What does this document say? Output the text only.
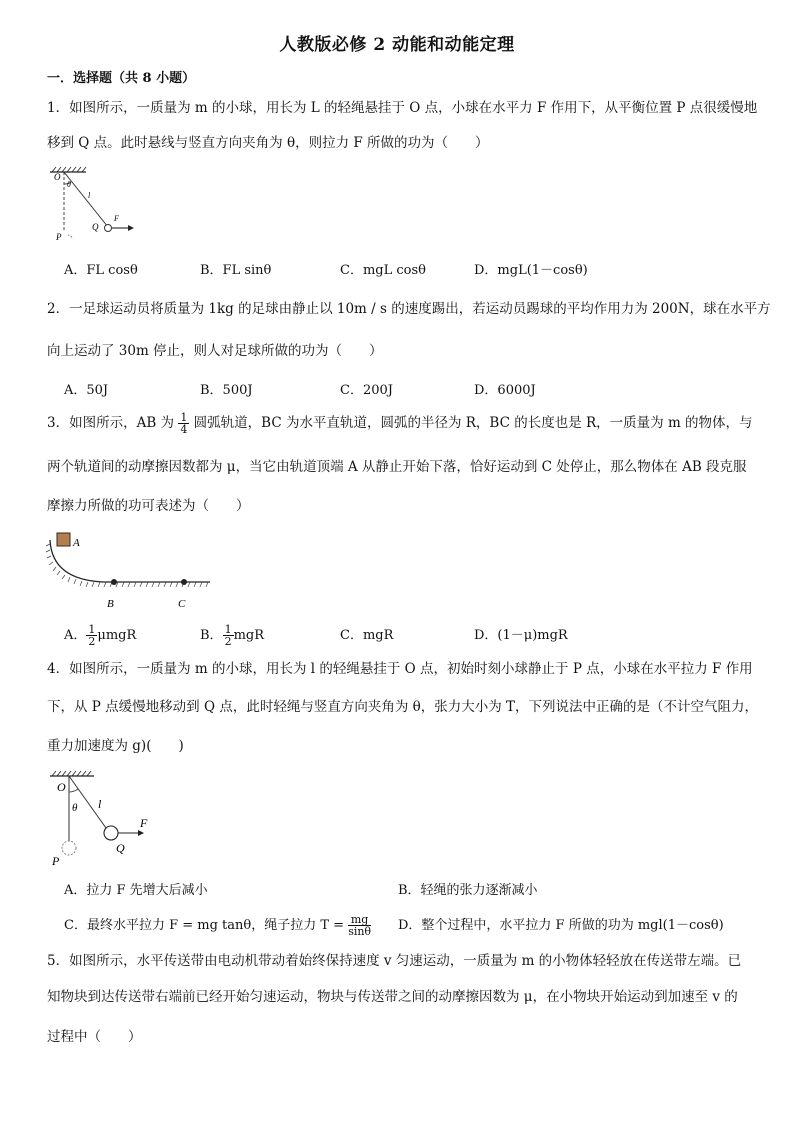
人教版必修 2 动能和动能定理
一．选择题（共 8 小题）
1．如图所示，一质量为 m 的小球，用长为 L 的轻绳悬挂于 O 点，小球在水平力 F 作用下，从平衡位置 P 点很缓慢地
移到 Q 点。此时悬线与竖直方向夹角为 θ，则拉力 F 所做的功为（　　）
O
θ
l
Q
F
P
A．FL cosθ	B．FL sinθ	C．mgL cosθ	D．mgL(1－cosθ)
2．一足球运动员将质量为 1kg 的足球由静止以 10m / s 的速度踢出，若运动员踢球的平均作用力为 200N，球在水平方
向上运动了 30m 停止，则人对足球所做的功为（　　）
A．50J	B．500J	C．200J	D．6000J
3．如图所示，AB 为 $\frac{1}{4}$ 圆弧轨道，BC 为水平直轨道，圆弧的半径为 R，BC 的长度也是 R，一质量为 m 的物体，与
两个轨道间的动摩擦因数都为 μ，当它由轨道顶端 A 从静止开始下落，恰好运动到 C 处停止，那么物体在 AB 段克服
摩擦力所做的功可表述为（　　）
A
B	C
A． $\frac{1}{2}$ μmgR	B． $\frac{1}{2}$ mgR	C．mgR	D．(1－μ)mgR
4．如图所示，一质量为 m 的小球，用长为 l 的轻绳悬挂于 O 点，初始时刻小球静止于 P 点，小球在水平拉力 F 作用
下，从 P 点缓慢地移动到 Q 点，此时轻绳与竖直方向夹角为 θ，张力大小为 T，下列说法中正确的是（不计空气阻力，
重力加速度为 g)(　　)
O
θ l
F
P
Q
A．拉力 F 先增大后减小	B．轻绳的张力逐渐减小
C．最终水平拉力 F = mg tanθ，绳子拉力 $T = \frac{mg}{\sin\theta}$ D．整个过程中，水平拉力 F 所做的功为 mgl(1－cosθ)
5．如图所示，水平传送带由电动机带动着始终保持速度 v 匀速运动，一质量为 m 的小物体轻轻放在传送带左端。已
知物块到达传送带右端前已经开始匀速运动，物块与传送带之间的动摩擦因数为 μ，在小物块开始运动到加速至 v 的
过程中（　　）
